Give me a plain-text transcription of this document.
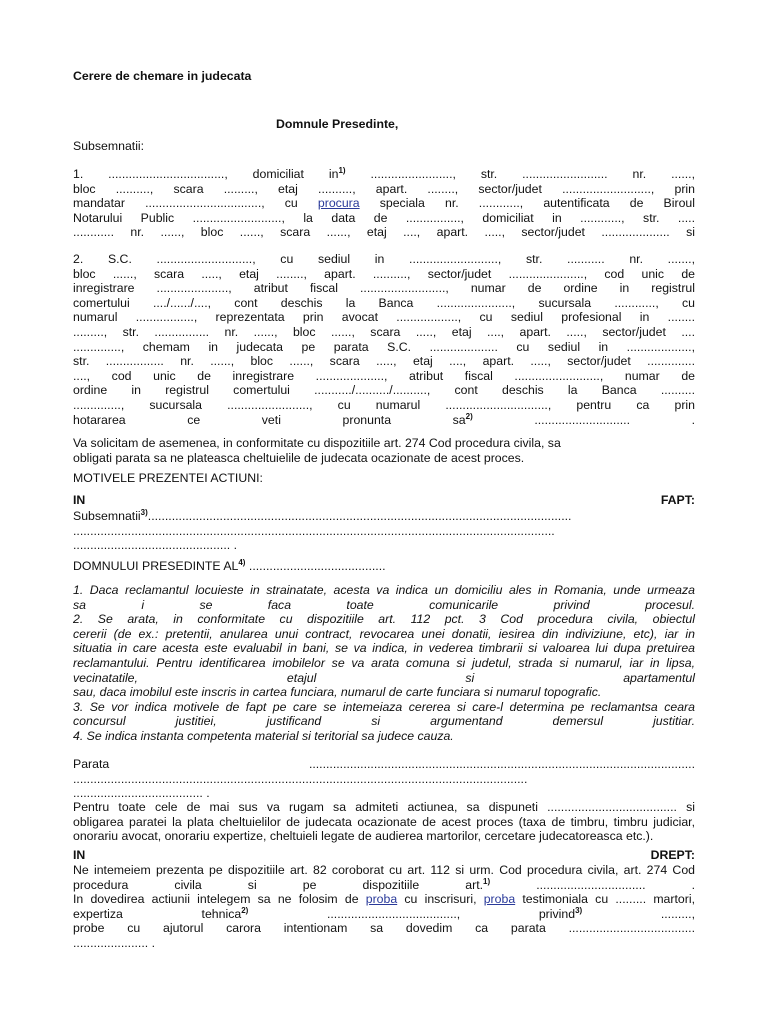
Cerere de chemare in judecata
Domnule Presedinte,
Subsemnatii:
1. .................................., domiciliat $in^{1)}$ ........................, str. ......................... nr. ......,
bloc .........., scara ........., etaj .........., apart. ........, sector/judet .........................., prin
mandatar .................................., cu procura speciala nr. ............, autentificata de Biroul
Notarului Public .........................., la data de ................, domiciliat in ............, str. .....
............ nr. ......, bloc ......, scara ......, etaj ...., apart. ....., sector/judet .................... si
2. S.C. ............................, cu sediul in .........................., str. ........... nr. .......,
bloc ......, scara ....., etaj ........, apart. .........., sector/judet ......................, cod unic de
inregistrare ....................., atribut fiscal ........................., numar de ordine in registrul
comertului ..../....../...., cont deschis la Banca ......................, sucursala ............, cu
numarul ................., reprezentata prin avocat .................., cu sediul profesional in ........
........., str. ................ nr. ......, bloc ......, scara ....., etaj ...., apart. ....., sector/judet ....
.............., chemam in judecata pe parata S.C. .................... cu sediul in ...................,
str. ................. nr. ......, bloc ......, scara ....., etaj ...., apart. ....., sector/judet ..............
...., cod unic de inregistrare ...................., atribut fiscal ........................., numar de
ordine in registrul comertului .........../........../.........., cont deschis la Banca ..........
.............., sucursala ........................, cu numarul .............................., pentru ca prin
hotararea ce veti pronunta $sa^{2)}$ ............................ .
Va solicitam de asemenea, in conformitate cu dispozitiile art. 274 Cod procedura civila, sa
obligati parata sa ne plateasca cheltuielile de judecata ocazionate de acest proces.
MOTIVELE PREZENTEI ACTIUNI:
IN	FAPT:
Subsemnatii$^{3)}$............................................................................................................................
.............................................................................................................................................
.............................................. .
DOMNULUI PRESEDINTE AL$^{4)}$ ........................................
1. Daca reclamantul locuieste in strainatate, acesta va indica un domiciliu ales in Romania, unde urmeaza
sa i se faca toate comunicarile privind procesul.
2. Se arata, in conformitate cu dispozitiile art. 112 pct. 3 Cod procedura civila, obiectul
cererii (de ex.: pretentii, anularea unui contract, revocarea unei donatii, iesirea din indiviziune, etc), iar in
situatia in care acesta este evaluabil in bani, se va indica, in vederea timbrarii si valoarea lui dupa pretuirea
reclamantului. Pentru identificarea imobilelor se va arata comuna si judetul, strada si numarul, iar in lipsa,
vecinatatile, etajul si apartamentul
sau, daca imobilul este inscris in cartea funciara, numarul de carte funciara si numarul topografic.
3. Se vor indica motivele de fapt pe care se intemeiaza cererea si care-l determina pe reclamantsa ceara
concursul justitiei, justificand si argumentand demersul justitiar.
4. Se indica instanta competenta material si teritorial sa judece cauza.
Parata	.................................................................................................................
.....................................................................................................................................
...................................... .
Pentru toate cele de mai sus va rugam sa admiteti actiunea, sa dispuneti ...................................... si
obligarea paratei la plata cheltuielilor de judecata ocazionate de acest proces (taxa de timbru, timbru judiciar,
onorariu avocat, onorariu expertize, cheltuieli legate de audierea martorilor, cercetare judecatoreasca etc.).
IN	DREPT:
Ne intemeiem prezenta pe dispozitiile art. 82 coroborat cu art. 112 si urm. Cod procedura civila, art. 274 Cod
procedura civila si pe dispozitiile art.$^{1)}$ ................................ .
In dovedirea actiunii intelegem sa ne folosim de proba cu inscrisuri, proba testimoniala cu ......... martori,
expertiza tehnica$^{2)}$ ......................................, privind$^{3)}$ .........,
probe cu ajutorul carora intentionam sa dovedim ca parata .....................................
...................... .
